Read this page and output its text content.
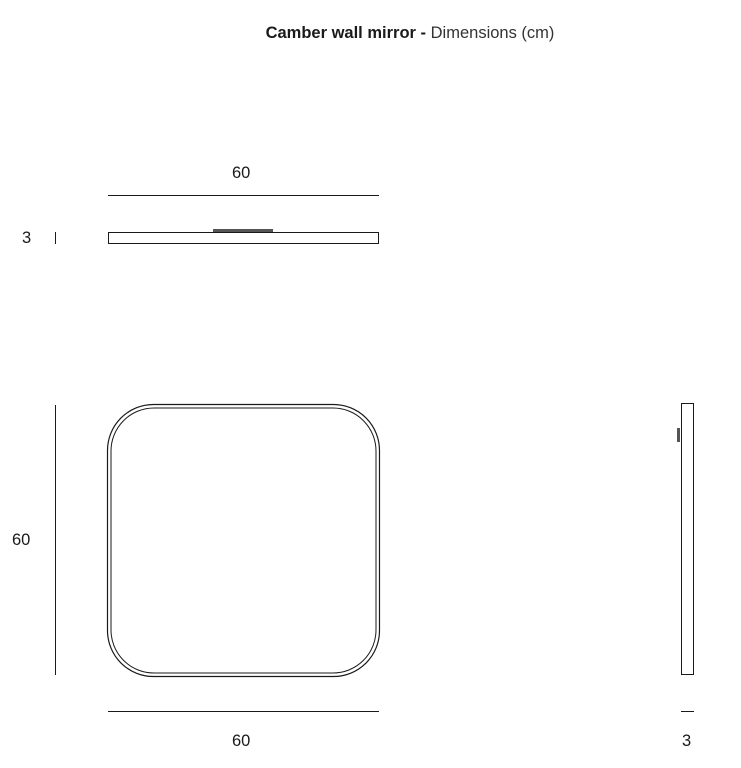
Camber wall mirror - Dimensions (cm)
60
3
60
60	3
